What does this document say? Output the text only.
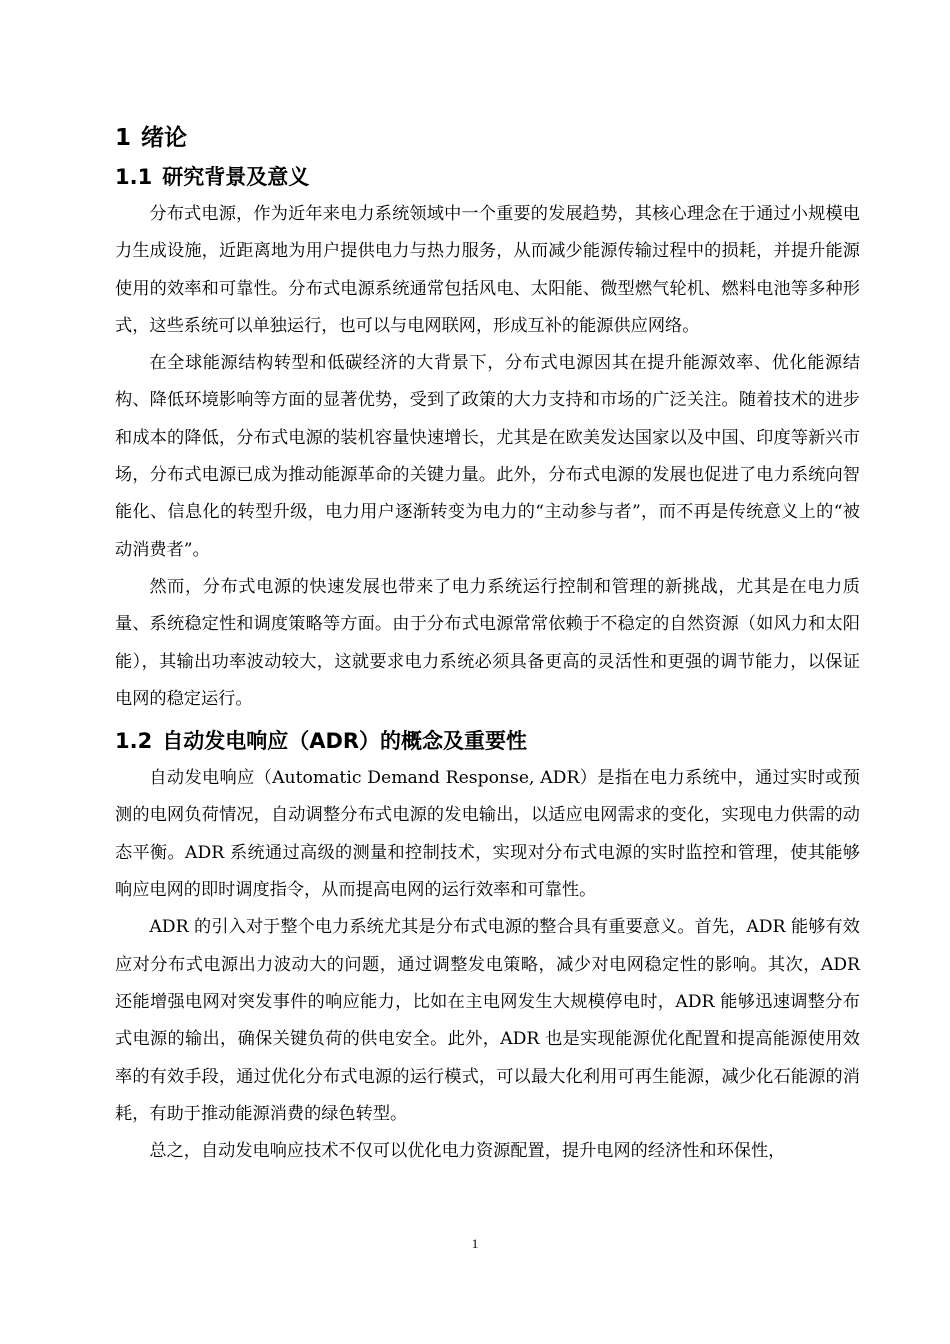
1 绪论
1.1 研究背景及意义

分布式电源，作为近年来电力系统领域中一个重要的发展趋势，其核心理念在于通过小规模电力生成设施，近距离地为用户提供电力与热力服务，从而减少能源传输过程中的损耗，并提升能源使用的效率和可靠性。分布式电源系统通常包括风电、太阳能、微型燃气轮机、燃料电池等多种形式，这些系统可以单独运行，也可以与电网联网，形成互补的能源供应网络。

在全球能源结构转型和低碳经济的大背景下，分布式电源因其在提升能源效率、优化能源结构、降低环境影响等方面的显著优势，受到了政策的大力支持和市场的广泛关注。随着技术的进步和成本的降低，分布式电源的装机容量快速增长，尤其是在欧美发达国家以及中国、印度等新兴市场，分布式电源已成为推动能源革命的关键力量。此外，分布式电源的发展也促进了电力系统向智能化、信息化的转型升级，电力用户逐渐转变为电力的“主动参与者”，而不再是传统意义上的“被动消费者”。

然而，分布式电源的快速发展也带来了电力系统运行控制和管理的新挑战，尤其是在电力质量、系统稳定性和调度策略等方面。由于分布式电源常常依赖于不稳定的自然资源（如风力和太阳能），其输出功率波动较大，这就要求电力系统必须具备更高的灵活性和更强的调节能力，以保证电网的稳定运行。

1.2 自动发电响应（ADR）的概念及重要性

自动发电响应（Automatic Demand Response, ADR）是指在电力系统中，通过实时或预测的电网负荷情况，自动调整分布式电源的发电输出，以适应电网需求的变化，实现电力供需的动态平衡。ADR 系统通过高级的测量和控制技术，实现对分布式电源的实时监控和管理，使其能够响应电网的即时调度指令，从而提高电网的运行效率和可靠性。

ADR 的引入对于整个电力系统尤其是分布式电源的整合具有重要意义。首先，ADR 能够有效应对分布式电源出力波动大的问题，通过调整发电策略，减少对电网稳定性的影响。其次，ADR 还能增强电网对突发事件的响应能力，比如在主电网发生大规模停电时，ADR 能够迅速调整分布式电源的输出，确保关键负荷的供电安全。此外，ADR 也是实现能源优化配置和提高能源使用效率的有效手段，通过优化分布式电源的运行模式，可以最大化利用可再生能源，减少化石能源的消耗，有助于推动能源消费的绿色转型。

总之，自动发电响应技术不仅可以优化电力资源配置，提升电网的经济性和环保性，

1
